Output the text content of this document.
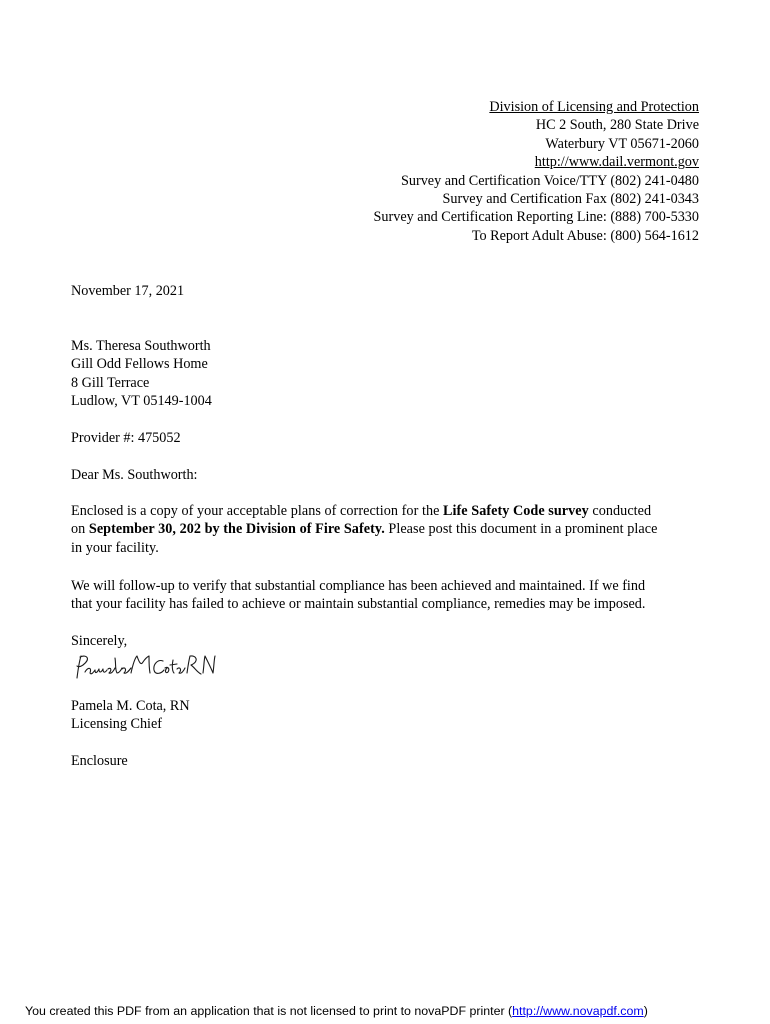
Division of Licensing and Protection
HC 2 South, 280 State Drive
Waterbury VT 05671-2060
http://www.dail.vermont.gov
Survey and Certification Voice/TTY (802) 241-0480
Survey and Certification Fax (802) 241-0343
Survey and Certification Reporting Line: (888) 700-5330
To Report Adult Abuse: (800) 564-1612
November 17, 2021
Ms. Theresa Southworth
Gill Odd Fellows Home
8 Gill Terrace
Ludlow, VT 05149-1004
Provider #: 475052
Dear Ms. Southworth:
Enclosed is a copy of your acceptable plans of correction for the Life Safety Code survey conducted
on September 30, 202 by the Division of Fire Safety. Please post this document in a prominent place
in your facility.
We will follow-up to verify that substantial compliance has been achieved and maintained. If we find
that your facility has failed to achieve or maintain substantial compliance, remedies may be imposed.
Sincerely,
Pamela M. Cota, RN
Licensing Chief
Enclosure
You created this PDF from an application that is not licensed to print to novaPDF printer (http://www.novapdf.com)
